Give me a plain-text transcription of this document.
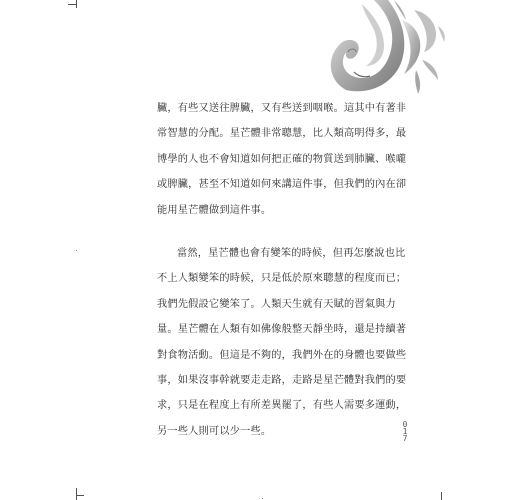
臟，有些又送往脾臟，又有些送到咽喉。這其中有著非
常智慧的分配。星芒體非常聰慧，比人類高明得多，最
博學的人也不會知道如何把正確的物質送到肺臟、喉嚨
或脾臟，甚至不知道如何來講這件事，但我們的內在卻
能用星芒體做到這件事。
當然，星芒體也會有變笨的時候，但再怎麼說也比
不上人類變笨的時候，只是低於原來聰慧的程度而已；
我們先假設它變笨了。人類天生就有天賦的習氣與力
量。星芒體在人類有如佛像般整天靜坐時，還是持續著
對食物活動。但這是不夠的，我們外在的身體也要做些
事，如果沒事幹就要走走路，走路是星芒體對我們的要
求，只是在程度上有所差異罷了，有些人需要多運動，
另一些人則可以少一些。
0
1
7
